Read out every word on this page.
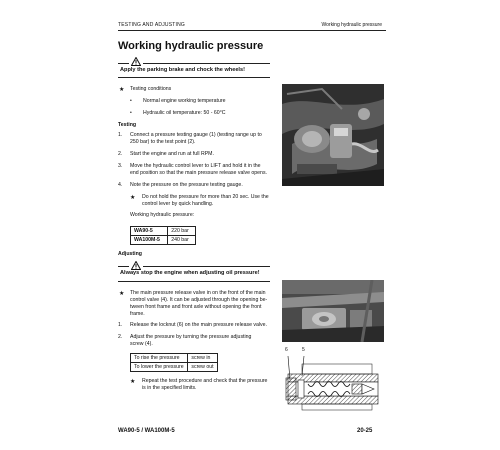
TESTING AND ADJUSTING	Working hydraulic pressure
Working hydraulic pressure
Apply the parking brake and chock the wheels!
★ Testing conditions
• Normal engine working temperature
• Hydraulic oil temperature: 50 - 60°C
Testing
1. Connect a pressure testing gauge (1) (testing range up to
250 bar) to the test point (2).
2. Start the engine and run at full RPM.
3. Move the hydraulic control lever to LIFT and hold it in the
end position so that the main pressure release valve opens.
4. Note the pressure on the pressure testing gauge.
★ Do not hold the pressure for more than 20 sec. Use the
control lever by quick handling.
Working hydraulic pressure:
WA90-5	220 bar
WA100M-5	240 bar
Adjusting
Always stop the engine when adjusting oil pressure!
★ The main pressure release valve in on the front of the main
control valve (4). It can be adjusted through the opening be-
tween front frame and front axle without opening the front
frame.
1. Release the locknut (6) on the main pressure release valve.
2. Adjust the pressure by turning the pressure adjusting
screw (4).
To rise the pressure	screw in
To lower the pressure	screw out
★ Repeat the test procedure and check that the pressure
is in the specified limits.
6	5
WA90-5 / WA100M-5	20-25
